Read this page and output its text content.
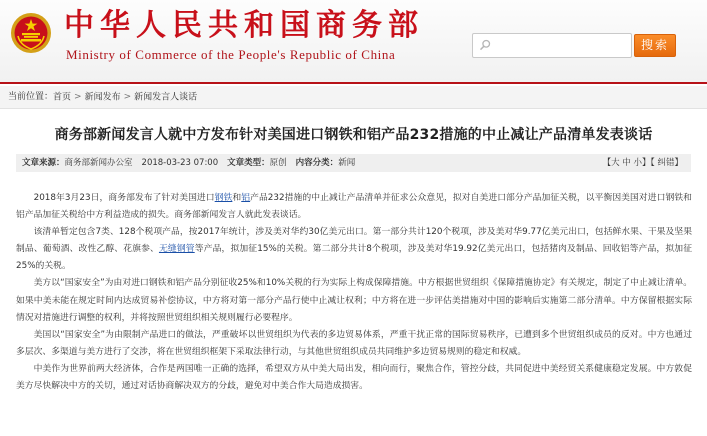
中华人民共和国商务部
Ministry of Commerce of the People's Republic of China
搜索
当前位置：首页 > 新闻发布 > 新闻发言人谈话
商务部新闻发言人就中方发布针对美国进口钢铁和铝产品232措施的中止减让产品清单发表谈话
文章来源：商务部新闻办公室 2018-03-23 07:00 文章类型：原创 内容分类：新闻	【大 中 小】【 纠错】

2018年3月23日，商务部发布了针对美国进口钢铁和铝产品232措施的中止减让产品清单并征求公众意见，拟对自美进口部分产品加征关税，以平衡因美国对进口钢铁和铝产品加征关税给中方利益造成的损失。商务部新闻发言人就此发表谈话。

该清单暂定包含7类、128个税项产品，按2017年统计，涉及美对华约30亿美元出口。第一部分共计120个税项，涉及美对华9.77亿美元出口，包括鲜水果、干果及坚果制品、葡萄酒、改性乙醇、花旗参、无缝钢管等产品，拟加征15%的关税。第二部分共计8个税项，涉及美对华19.92亿美元出口，包括猪肉及制品、回收铝等产品，拟加征25%的关税。

美方以“国家安全”为由对进口钢铁和铝产品分别征收25%和10%关税的行为实际上构成保障措施。中方根据世贸组织《保障措施协定》有关规定，制定了中止减让清单。如果中美未能在规定时间内达成贸易补偿协议，中方将对第一部分产品行使中止减让权利；中方将在进一步评估美措施对中国的影响后实施第二部分清单。中方保留根据实际情况对措施进行调整的权利，并将按照世贸组织相关规则履行必要程序。

美国以“国家安全”为由限制产品进口的做法，严重破坏以世贸组织为代表的多边贸易体系，严重干扰正常的国际贸易秩序，已遭到多个世贸组织成员的反对。中方也通过多层次、多渠道与美方进行了交涉，将在世贸组织框架下采取法律行动，与其他世贸组织成员共同维护多边贸易规则的稳定和权威。

中美作为世界前两大经济体，合作是两国唯一正确的选择，希望双方从中美大局出发，相向而行，聚焦合作，管控分歧，共同促进中美经贸关系健康稳定发展。中方敦促美方尽快解决中方的关切，通过对话协商解决双方的分歧，避免对中美合作大局造成损害。
